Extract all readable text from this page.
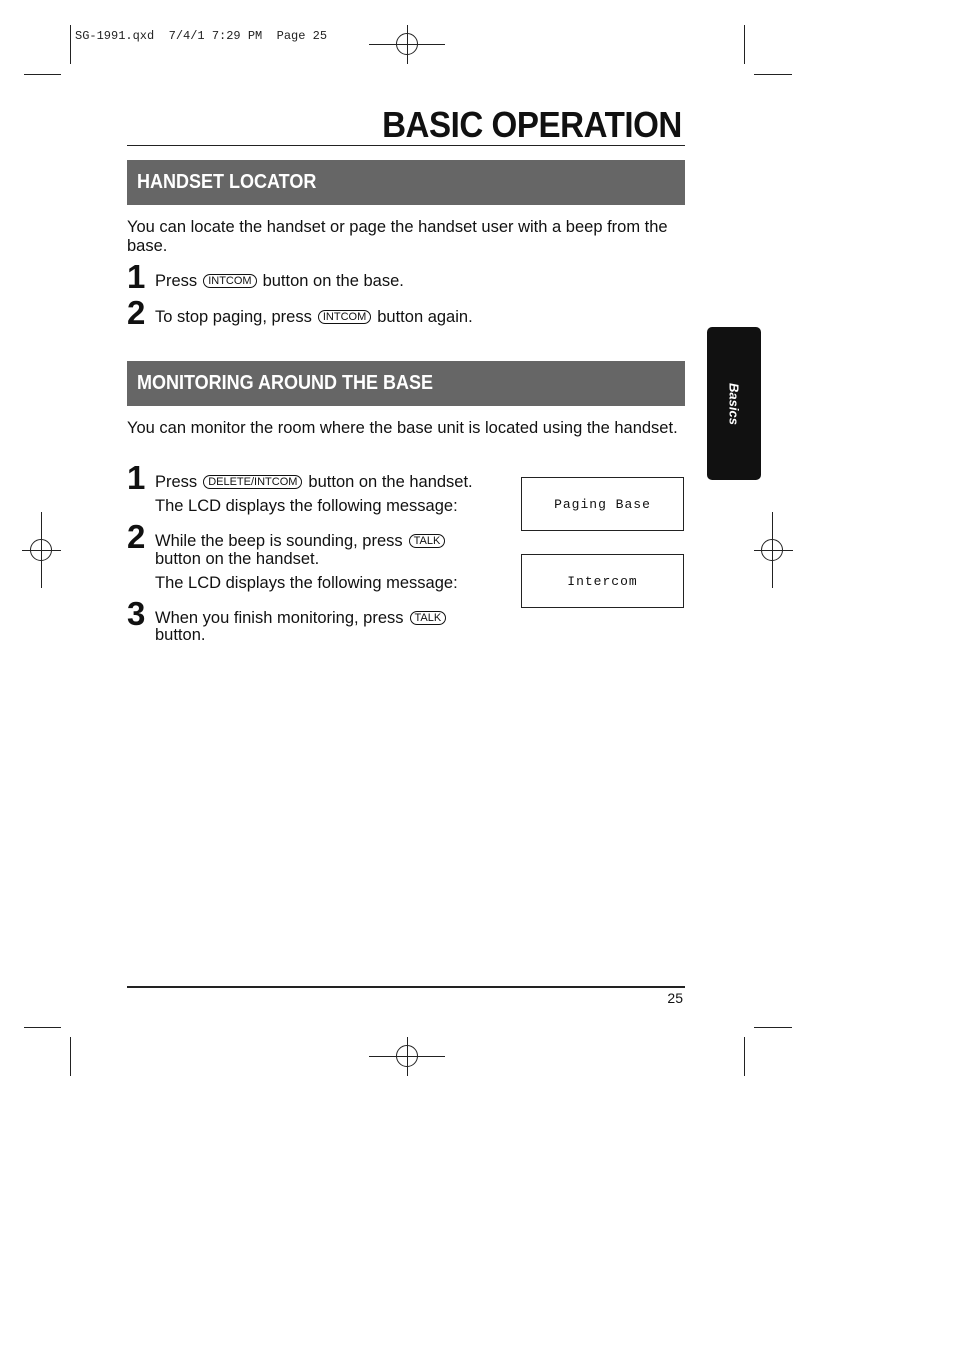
SG-1991.qxd  7/4/1 7:29 PM  Page 25
BASIC OPERATION
HANDSET LOCATOR
You can locate the handset or page the handset user with a beep from the base.
1 Press INTCOM button on the base.
2 To stop paging, press INTCOM button again.
Basics
MONITORING AROUND THE BASE
You can monitor the room where the base unit is located using the handset.
1 Press DELETE/INTCOM button on the handset.
The LCD displays the following message:
2 While the beep is sounding, press TALK
button on the handset.
The LCD displays the following message:
3 When you finish monitoring, press TALK
button.
Paging Base
Intercom
25
